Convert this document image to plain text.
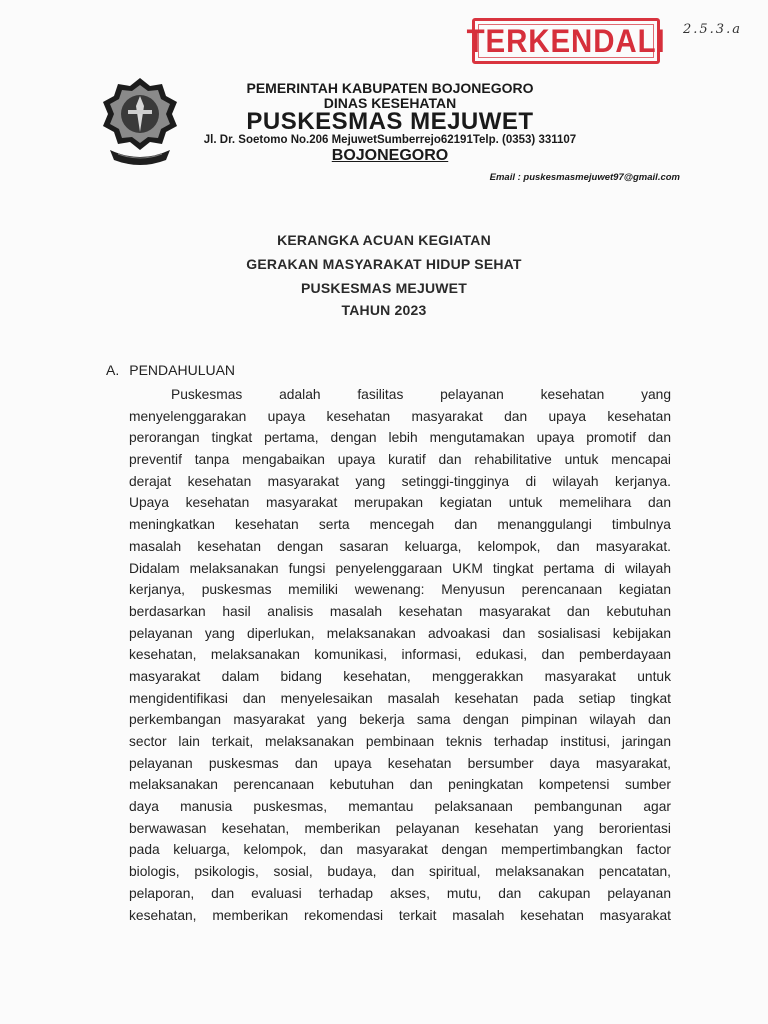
TERKENDALI 2.5.3.a
PEMERINTAH KABUPATEN BOJONEGORO
DINAS KESEHATAN
PUSKESMAS MEJUWET
Jl. Dr. Soetomo No.206 MejuwetSumberrejo62191Telp. (0353) 331107
BOJONEGORO
Email : puskesmasmejuwet97@gmail.com
KERANGKA ACUAN KEGIATAN
GERAKAN MASYARAKAT HIDUP SEHAT
PUSKESMAS MEJUWET
TAHUN 2023
A. PENDAHULUAN
Puskesmas adalah fasilitas pelayanan kesehatan yang
menyelenggarakan upaya kesehatan masyarakat dan upaya kesehatan
perorangan tingkat pertama, dengan lebih mengutamakan upaya promotif dan
preventif tanpa mengabaikan upaya kuratif dan rehabilitative untuk mencapai
derajat kesehatan masyarakat yang setinggi-tingginya di wilayah kerjanya.
Upaya kesehatan masyarakat merupakan kegiatan untuk memelihara dan
meningkatkan kesehatan serta mencegah dan menanggulangi timbulnya
masalah kesehatan dengan sasaran keluarga, kelompok, dan masyarakat.
Didalam melaksanakan fungsi penyelenggaraan UKM tingkat pertama di wilayah
kerjanya, puskesmas memiliki wewenang: Menyusun perencanaan kegiatan
berdasarkan hasil analisis masalah kesehatan masyarakat dan kebutuhan
pelayanan yang diperlukan, melaksanakan advoakasi dan sosialisasi kebijakan
kesehatan, melaksanakan komunikasi, informasi, edukasi, dan pemberdayaan
masyarakat dalam bidang kesehatan, menggerakkan masyarakat untuk
mengidentifikasi dan menyelesaikan masalah kesehatan pada setiap tingkat
perkembangan masyarakat yang bekerja sama dengan pimpinan wilayah dan
sector lain terkait, melaksanakan pembinaan teknis terhadap institusi, jaringan
pelayanan puskesmas dan upaya kesehatan bersumber daya masyarakat,
melaksanakan perencanaan kebutuhan dan peningkatan kompetensi sumber
daya manusia puskesmas, memantau pelaksanaan pembangunan agar
berwawasan kesehatan, memberikan pelayanan kesehatan yang berorientasi
pada keluarga, kelompok, dan masyarakat dengan mempertimbangkan factor
biologis, psikologis, sosial, budaya, dan spiritual, melaksanakan pencatatan,
pelaporan, dan evaluasi terhadap akses, mutu, dan cakupan pelayanan
kesehatan, memberikan rekomendasi terkait masalah kesehatan masyarakat
